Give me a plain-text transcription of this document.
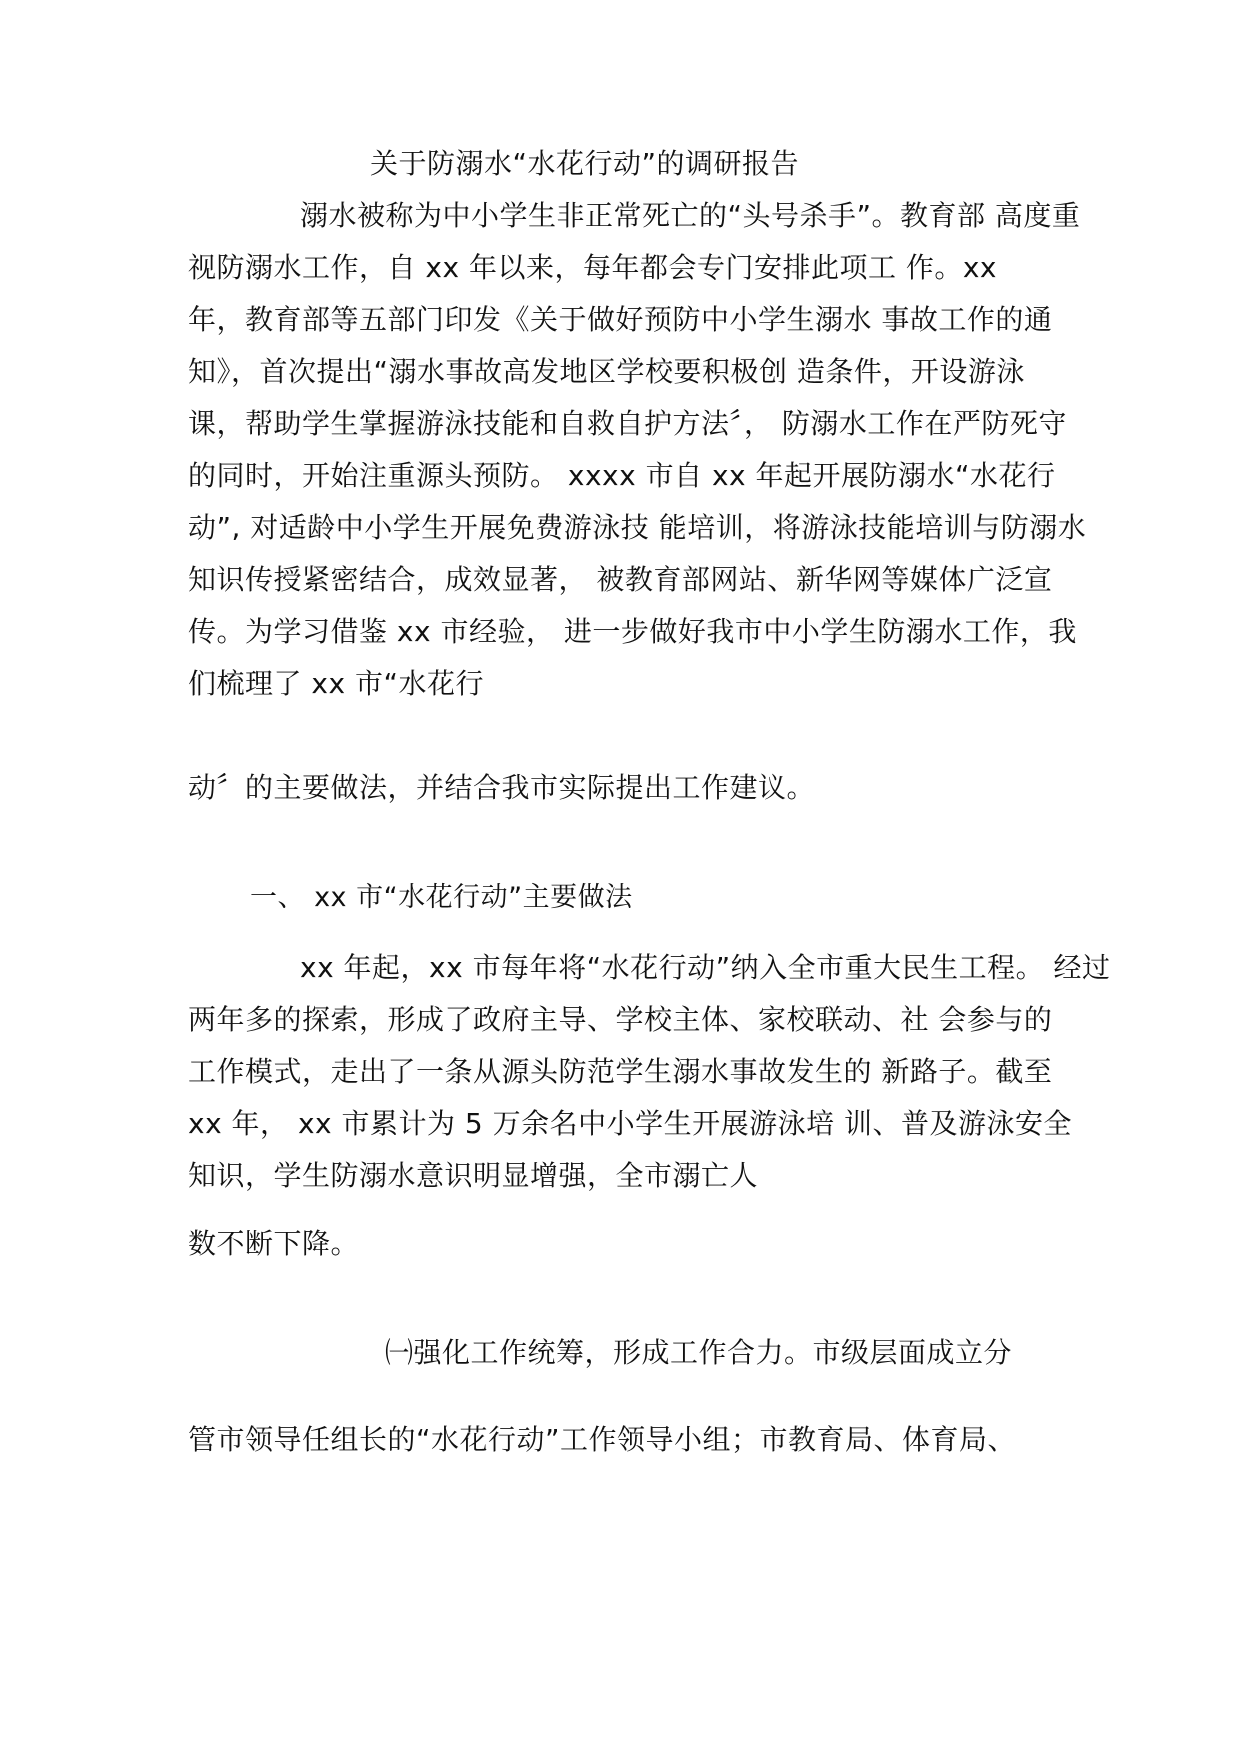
关于防溺水“水花行动”的调研报告
溺水被称为中小学生非正常死亡的“头号杀手”。教育部 高度重
视防溺水工作，自 xx 年以来，每年都会专门安排此项工 作。xx
年，教育部等五部门印发《关于做好预防中小学生溺水 事故工作的通
知》，首次提出“溺水事故高发地区学校要积极创 造条件，开设游泳
课，帮助学生掌握游泳技能和自救自护方法〞， 防溺水工作在严防死守
的同时，开始注重源头预防。 xxxx 市自 xx 年起开展防溺水“水花行
动”, 对适龄中小学生开展免费游泳技 能培训，将游泳技能培训与防溺水
知识传授紧密结合，成效显著， 被教育部网站、新华网等媒体广泛宣
传。为学习借鉴 xx 市经验， 进一步做好我市中小学生防溺水工作，我
们梳理了 xx 市“水花行
动〞的主要做法，并结合我市实际提出工作建议。
一、 xx 市“水花行动”主要做法
xx 年起，xx 市每年将“水花行动”纳入全市重大民生工程。 经过
两年多的探索，形成了政府主导、学校主体、家校联动、社 会参与的
工作模式，走出了一条从源头防范学生溺水事故发生的 新路子。截至
xx 年， xx 市累计为 5 万余名中小学生开展游泳培 训、普及游泳安全
知识，学生防溺水意识明显增强，全市溺亡人
数不断下降。
㈠强化工作统筹，形成工作合力。市级层面成立分
管市领导任组长的“水花行动”工作领导小组；市教育局、体育局、
